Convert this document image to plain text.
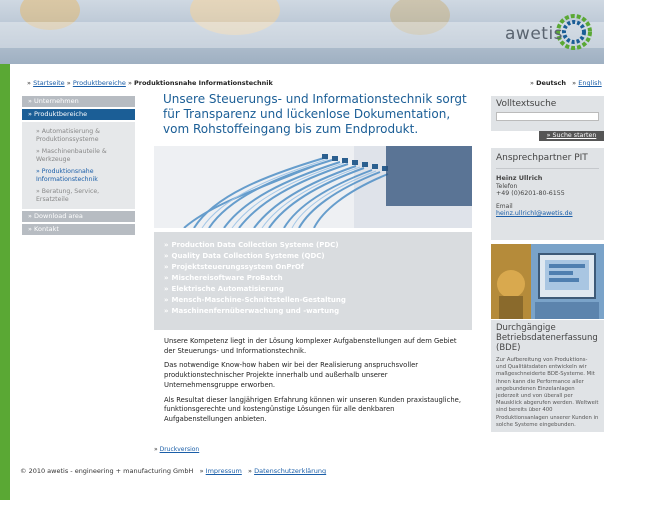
awetis
» Startseite » Produktbereiche » Produktionsnahe Informationstechnik	» Deutsch » English
» Unternehmen
» Produktbereiche
» Automatisierung & Produktionssysteme
» Maschinenbauteile & Werkzeuge
» Produktionsnahe Informationstechnik
» Beratung, Service, Ersatzteile
» Download area
» Kontakt
Unsere Steuerungs- und Informationstechnik sorgt für Transparenz und lückenlose Dokumentation, vom Rohstoffeingang bis zum Endprodukt.
» Production Data Collection Systeme (PDC)
» Quality Data Collection Systeme (QDC)
» Projektsteuerungssystem OnPrOf
» Mischereisoftware ProBatch
» Elektrische Automatisierung
» Mensch-Maschine-Schnittstellen-Gestaltung
» Maschinenfernüberwachung und -wartung

Unsere Kompetenz liegt in der Lösung komplexer Aufgabenstellungen auf dem Gebiet der Steuerungs- und Informationstechnik.

Das notwendige Know-how haben wir bei der Realisierung anspruchsvoller produktionstechnischer Projekte innerhalb und außerhalb unserer Unternehmensgruppe erworben.

Als Resultat dieser langjährigen Erfahrung können wir unseren Kunden praxistaugliche, funktionsgerechte und kostengünstige Lösungen für alle denkbaren Aufgabenstellungen anbieten.

» Druckversion
Volltextsuche
» Suche starten
Ansprechpartner PIT
Heinz Ullrich
Telefon
+49 (0)6201-80-6155
Email
heinz.ullrichl@awetis.de
Durchgängige Betriebsdatenerfassung (BDE)
Zur Aufbereitung von Produktions- und Qualitätsdaten entwickeln wir maßgeschneiderte BDE-Systeme. Mit ihnen kann die Performance aller angebundenen Einzelanlagen jederzeit und von überall per Mausklick abgerufen werden. Weltweit sind bereits über 400 Produktionsanlagen unserer Kunden in solche Systeme eingebunden.
© 2010 awetis - engineering + manufacturing GmbH » Impressum » Datenschutzerklärung
